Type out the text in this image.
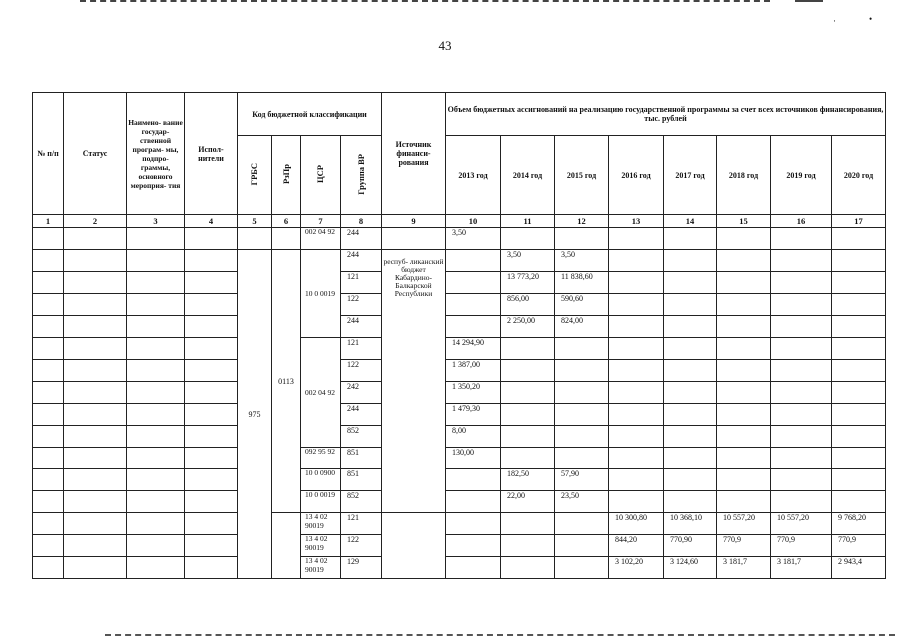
·	•
43
№ п/п	Статус	Наимено- вание государ- ственной програм- мы, подпро- граммы, основного мероприя- тия	Испол- нители	Код бюджетной классификации				Источник финанси- рования	Объем бюджетных ассигнований на реализацию государственной программы за счет всех источников финансирования, тыс. рублей							
				ГРБС	РзПр	ЦСР	Группа ВР		2013 год	2014 год	2015 год	2016 год	2017 год	2018 год	2019 год	2020 год
1	2	3	4	5	6	7	8	9	10	11	12	13	14	15	16	17
						002 04 92	244		3,50							
				975	0113	10 0 0019	244	респуб- ликанский бюджет Кабардино- Балкарской Республики		3,50	3,50					
							121			13 773,20	11 838,60					
							122			856,00	590,60					
							244			2 250,00	824,00					
						002 04 92	121		14 294,90							
							122		1 387,00							
							242		1 350,20							
							244		1 479,30							
							852		8,00							
						092 95 92	851		130,00							
						10 0 0900	851			182,50	57,90					
						10 0 0019	852			22,00	23,50					
						13 4 02 90019	121					10 300,80	10 368,10	10 557,20	10 557,20	9 768,20
						13 4 02 90019	122					844,20	770,90	770,9	770,9	770,9
						13 4 02 90019	129					3 102,20	3 124,60	3 181,7	3 181,7	2 943,4
